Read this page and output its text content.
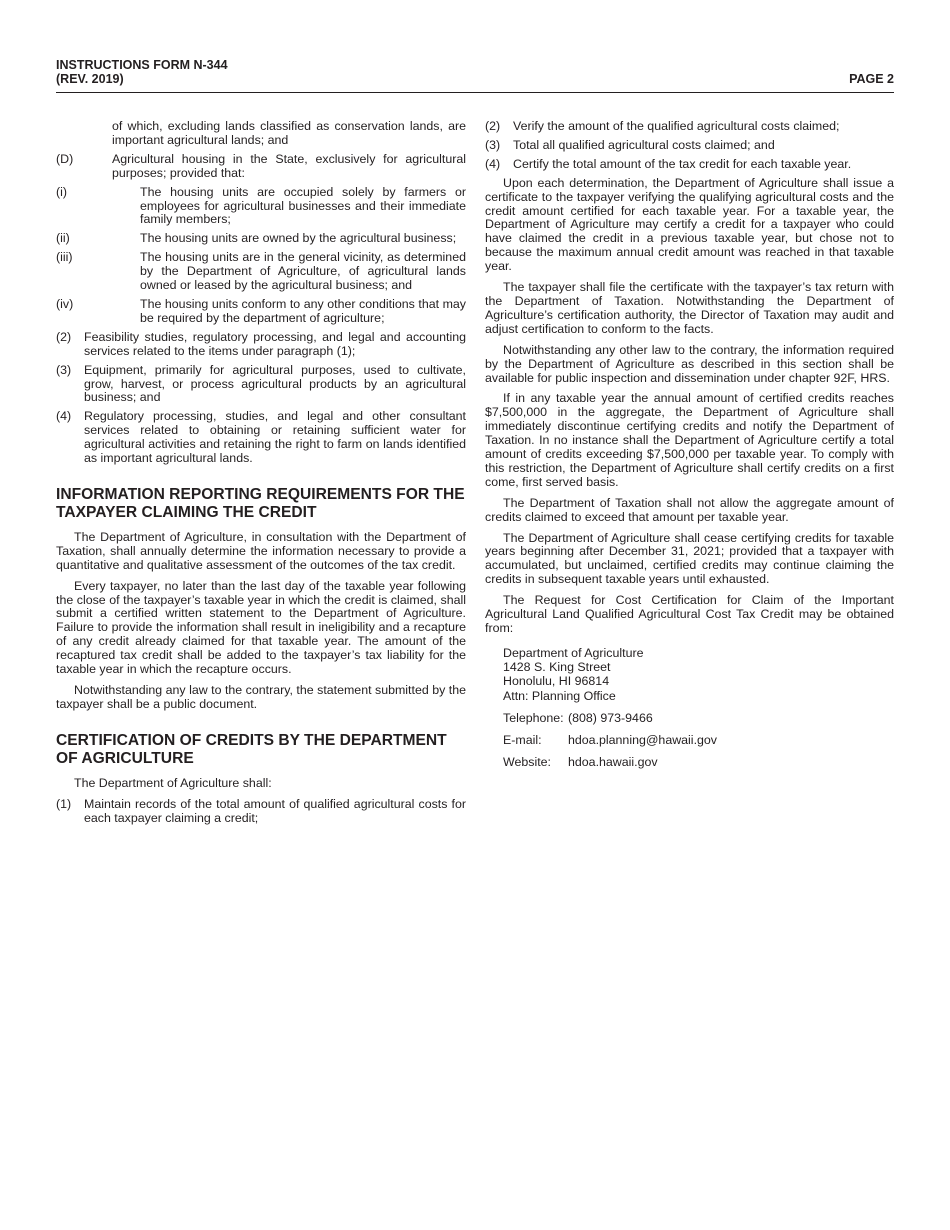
INSTRUCTIONS FORM N-344
(REV. 2019)	PAGE 2
of which, excluding lands classified as conservation lands, are important agricultural lands; and
(D)	Agricultural housing in the State, exclusively for agricultural purposes; provided that:
(i)	The housing units are occupied solely by farmers or employees for agricultural businesses and their immediate family members;
(ii)	The housing units are owned by the agricultural business;
(iii)	The housing units are in the general vicinity, as determined by the Department of Agriculture, of agricultural lands owned or leased by the agricultural business; and
(iv)	The housing units conform to any other conditions that may be required by the department of agriculture;
(2)	Feasibility studies, regulatory processing, and legal and accounting services related to the items under paragraph (1);
(3)	Equipment, primarily for agricultural purposes, used to cultivate, grow, harvest, or process agricultural products by an agricultural business; and
(4)	Regulatory processing, studies, and legal and other consultant services related to obtaining or retaining sufficient water for agricultural activities and retaining the right to farm on lands identified as important agricultural lands.
INFORMATION REPORTING REQUIREMENTS FOR THE TAXPAYER CLAIMING THE CREDIT

The Department of Agriculture, in consultation with the Department of Taxation, shall annually determine the information necessary to provide a quantitative and qualitative assessment of the outcomes of the tax credit.

Every taxpayer, no later than the last day of the taxable year following the close of the taxpayer’s taxable year in which the credit is claimed, shall submit a certified written statement to the Department of Agriculture. Failure to provide the information shall result in ineligibility and a recapture of any credit already claimed for that taxable year. The amount of the recaptured tax credit shall be added to the taxpayer’s tax liability for the taxable year in which the recapture occurs.

Notwithstanding any law to the contrary, the statement submitted by the taxpayer shall be a public document.

CERTIFICATION OF CREDITS BY THE DEPARTMENT OF AGRICULTURE

The Department of Agriculture shall:

(1)	Maintain records of the total amount of qualified agricultural costs for each taxpayer claiming a credit;
(2)	Verify the amount of the qualified agricultural costs claimed;
(3)	Total all qualified agricultural costs claimed; and
(4)	Certify the total amount of the tax credit for each taxable year.

Upon each determination, the Department of Agriculture shall issue a certificate to the taxpayer verifying the qualifying agricultural costs and the credit amount certified for each taxable year. For a taxable year, the Department of Agriculture may certify a credit for a taxpayer who could have claimed the credit in a previous taxable year, but chose not to because the maximum annual credit amount was reached in that taxable year.

The taxpayer shall file the certificate with the taxpayer’s tax return with the Department of Taxation. Notwithstanding the Department of Agriculture’s certification authority, the Director of Taxation may audit and adjust certification to conform to the facts.

Notwithstanding any other law to the contrary, the information required by the Department of Agriculture as described in this section shall be available for public inspection and dissemination under chapter 92F, HRS.

If in any taxable year the annual amount of certified credits reaches $7,500,000 in the aggregate, the Department of Agriculture shall immediately discontinue certifying credits and notify the Department of Taxation. In no instance shall the Department of Agriculture certify a total amount of credits exceeding $7,500,000 per taxable year. To comply with this restriction, the Department of Agriculture shall certify credits on a first come, first served basis.

The Department of Taxation shall not allow the aggregate amount of credits claimed to exceed that amount per taxable year.

The Department of Agriculture shall cease certifying credits for taxable years beginning after December 31, 2021; provided that a taxpayer with accumulated, but unclaimed, certified credits may continue claiming the credits in subsequent taxable years until exhausted.

The Request for Cost Certification for Claim of the Important Agricultural Land Qualified Agricultural Cost Tax Credit may be obtained from:

Department of Agriculture
1428 S. King Street
Honolulu, HI 96814
Attn: Planning Office
Telephone: (808) 973-9466
E-mail:	hdoa.planning@hawaii.gov
Website:	hdoa.hawaii.gov
